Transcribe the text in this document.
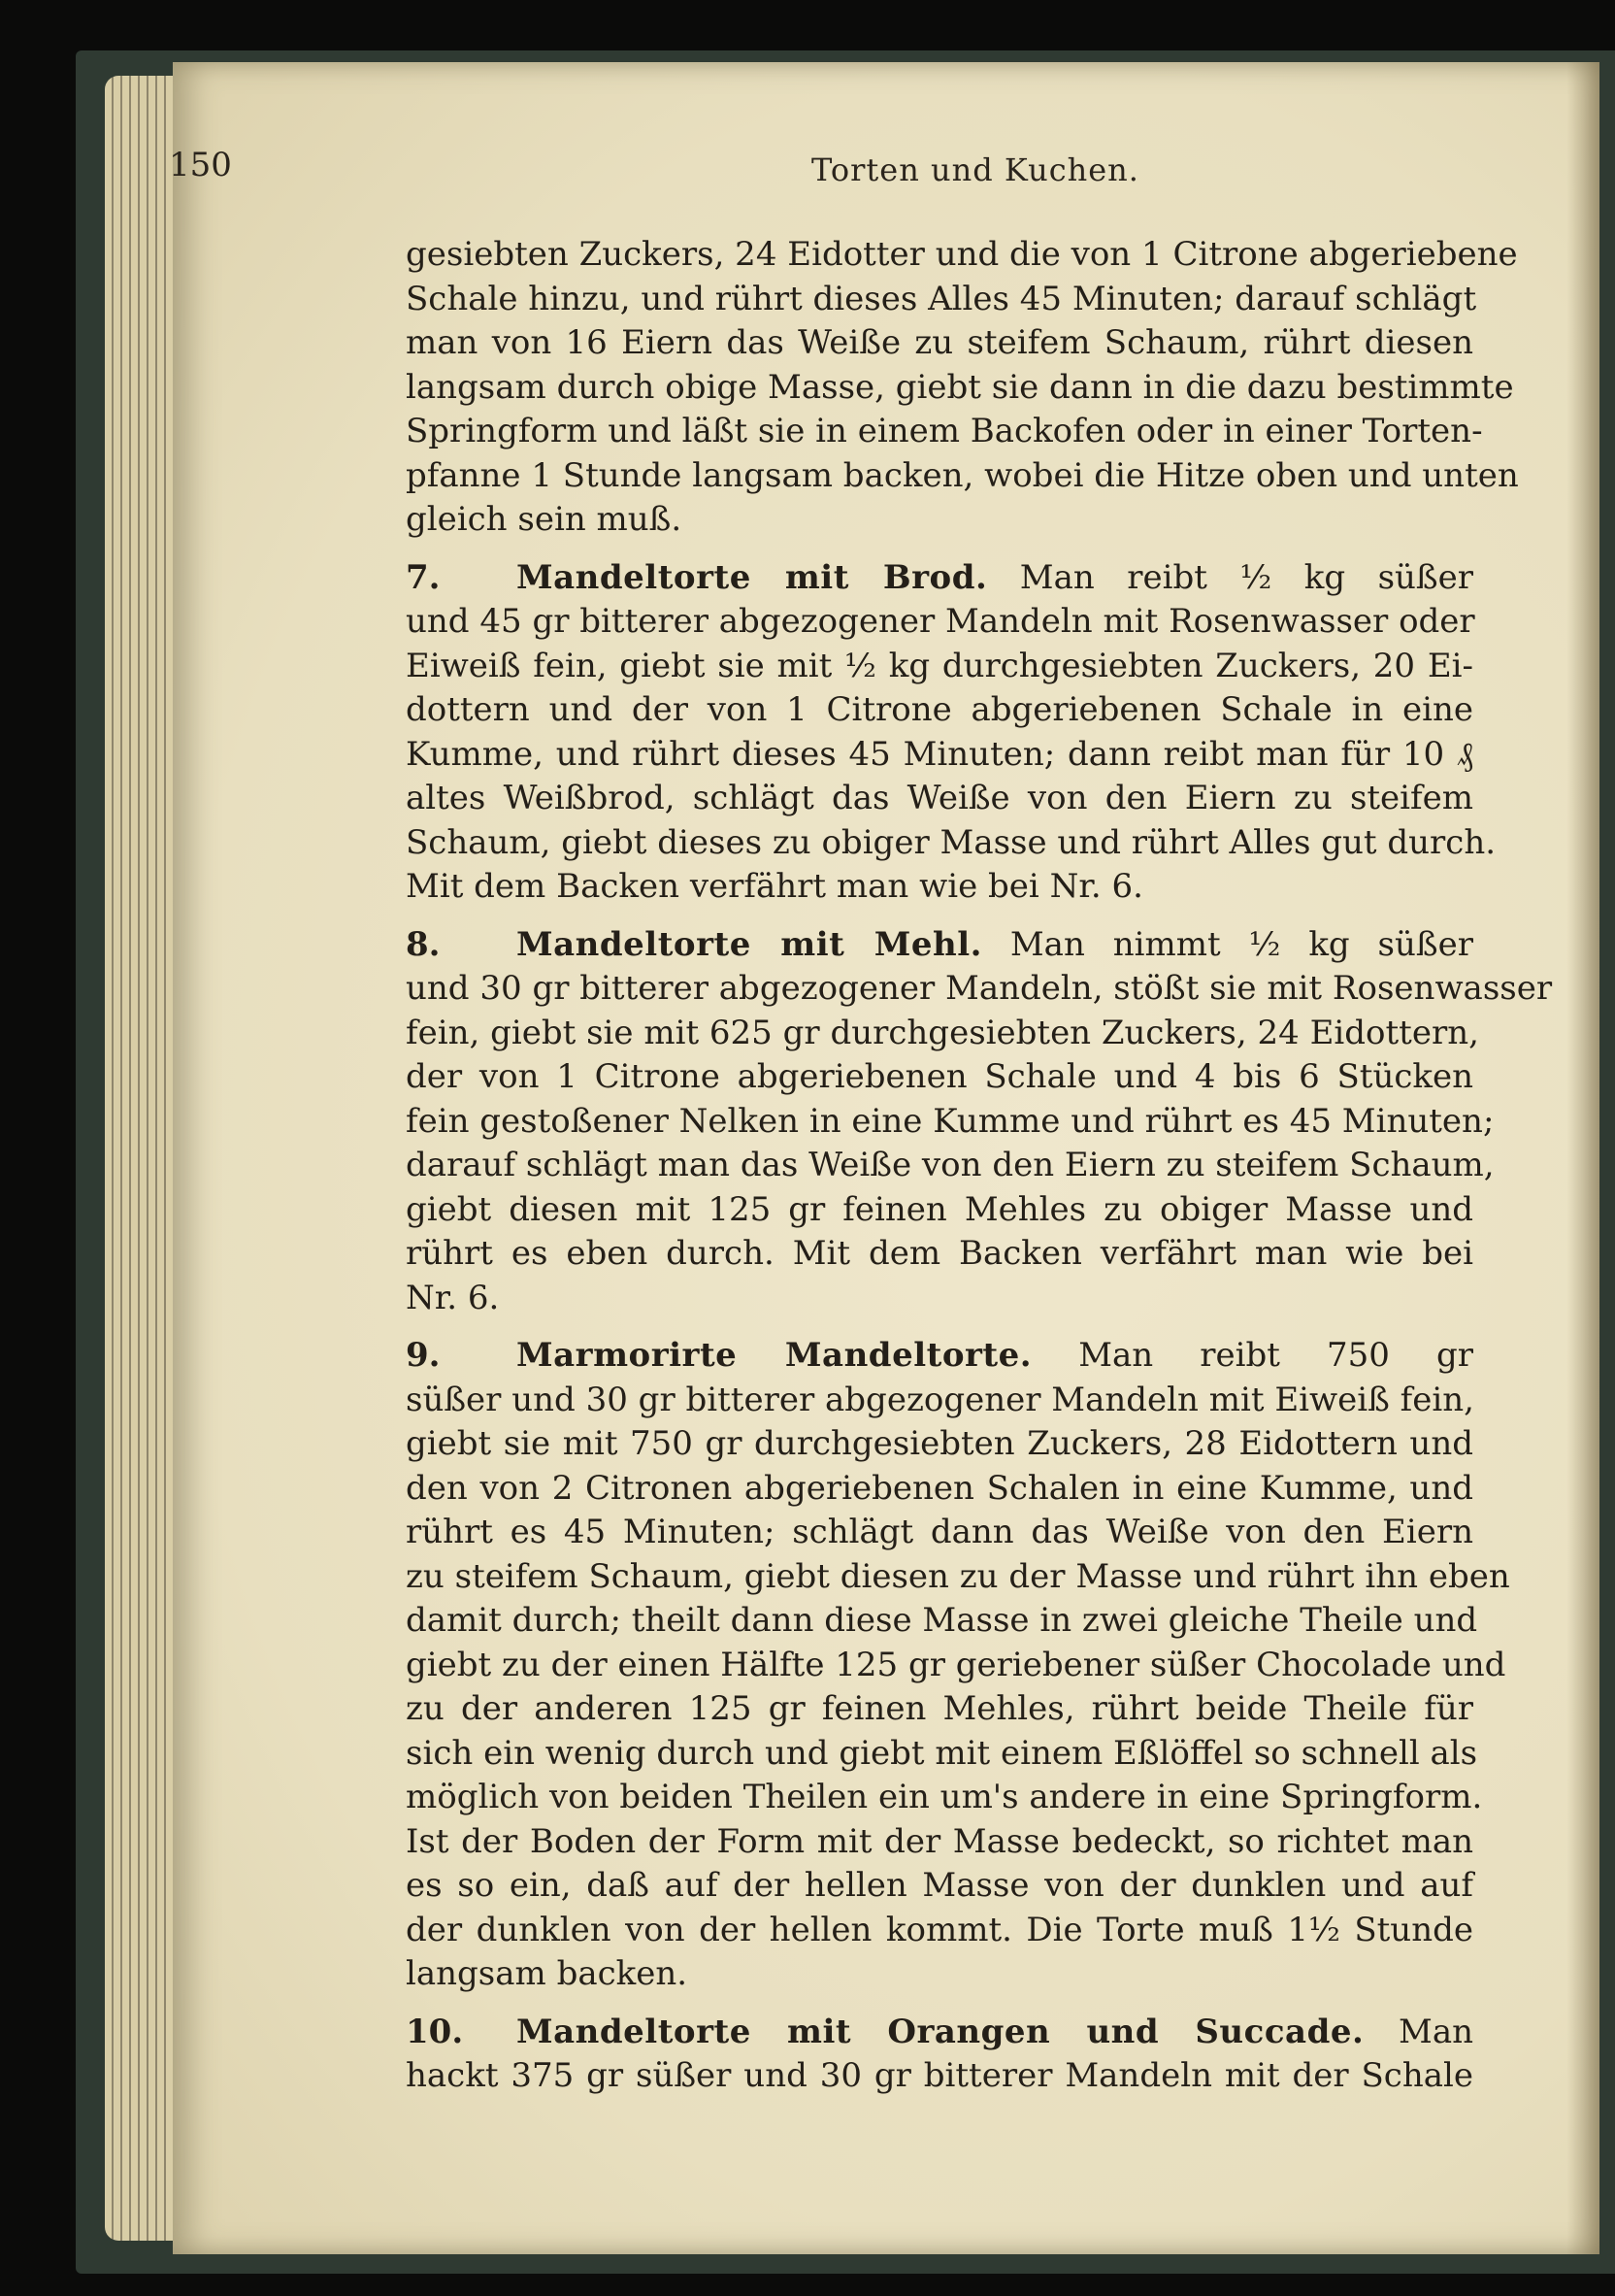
150	Torten und Kuchen.
gesiebten Zuckers, 24 Eidotter und die von 1 Citrone abgeriebene
Schale hinzu, und rührt dieses Alles 45 Minuten; darauf schlägt
man von 16 Eiern das Weiße zu steifem Schaum, rührt diesen
langsam durch obige Masse, giebt sie dann in die dazu bestimmte
Springform und läßt sie in einem Backofen oder in einer Torten-
pfanne 1 Stunde langsam backen, wobei die Hitze oben und unten
gleich sein muß.
7. Mandeltorte mit Brod. Man reibt ½ kg süßer
und 45 gr bitterer abgezogener Mandeln mit Rosenwasser oder
Eiweiß fein, giebt sie mit ½ kg durchgesiebten Zuckers, 20 Ei-
dottern und der von 1 Citrone abgeriebenen Schale in eine
Kumme, und rührt dieses 45 Minuten; dann reibt man für 10 ₰
altes Weißbrod, schlägt das Weiße von den Eiern zu steifem
Schaum, giebt dieses zu obiger Masse und rührt Alles gut durch.
Mit dem Backen verfährt man wie bei Nr. 6.
8. Mandeltorte mit Mehl. Man nimmt ½ kg süßer
und 30 gr bitterer abgezogener Mandeln, stößt sie mit Rosenwasser
fein, giebt sie mit 625 gr durchgesiebten Zuckers, 24 Eidottern,
der von 1 Citrone abgeriebenen Schale und 4 bis 6 Stücken
fein gestoßener Nelken in eine Kumme und rührt es 45 Minuten;
darauf schlägt man das Weiße von den Eiern zu steifem Schaum,
giebt diesen mit 125 gr feinen Mehles zu obiger Masse und
rührt es eben durch. Mit dem Backen verfährt man wie bei
Nr. 6.
9. Marmorirte Mandeltorte. Man reibt 750 gr
süßer und 30 gr bitterer abgezogener Mandeln mit Eiweiß fein,
giebt sie mit 750 gr durchgesiebten Zuckers, 28 Eidottern und
den von 2 Citronen abgeriebenen Schalen in eine Kumme, und
rührt es 45 Minuten; schlägt dann das Weiße von den Eiern
zu steifem Schaum, giebt diesen zu der Masse und rührt ihn eben
damit durch; theilt dann diese Masse in zwei gleiche Theile und
giebt zu der einen Hälfte 125 gr geriebener süßer Chocolade und
zu der anderen 125 gr feinen Mehles, rührt beide Theile für
sich ein wenig durch und giebt mit einem Eßlöffel so schnell als
möglich von beiden Theilen ein um's andere in eine Springform.
Ist der Boden der Form mit der Masse bedeckt, so richtet man
es so ein, daß auf der hellen Masse von der dunklen und auf
der dunklen von der hellen kommt. Die Torte muß 1½ Stunde
langsam backen.
10. Mandeltorte mit Orangen und Succade. Man
hackt 375 gr süßer und 30 gr bitterer Mandeln mit der Schale
